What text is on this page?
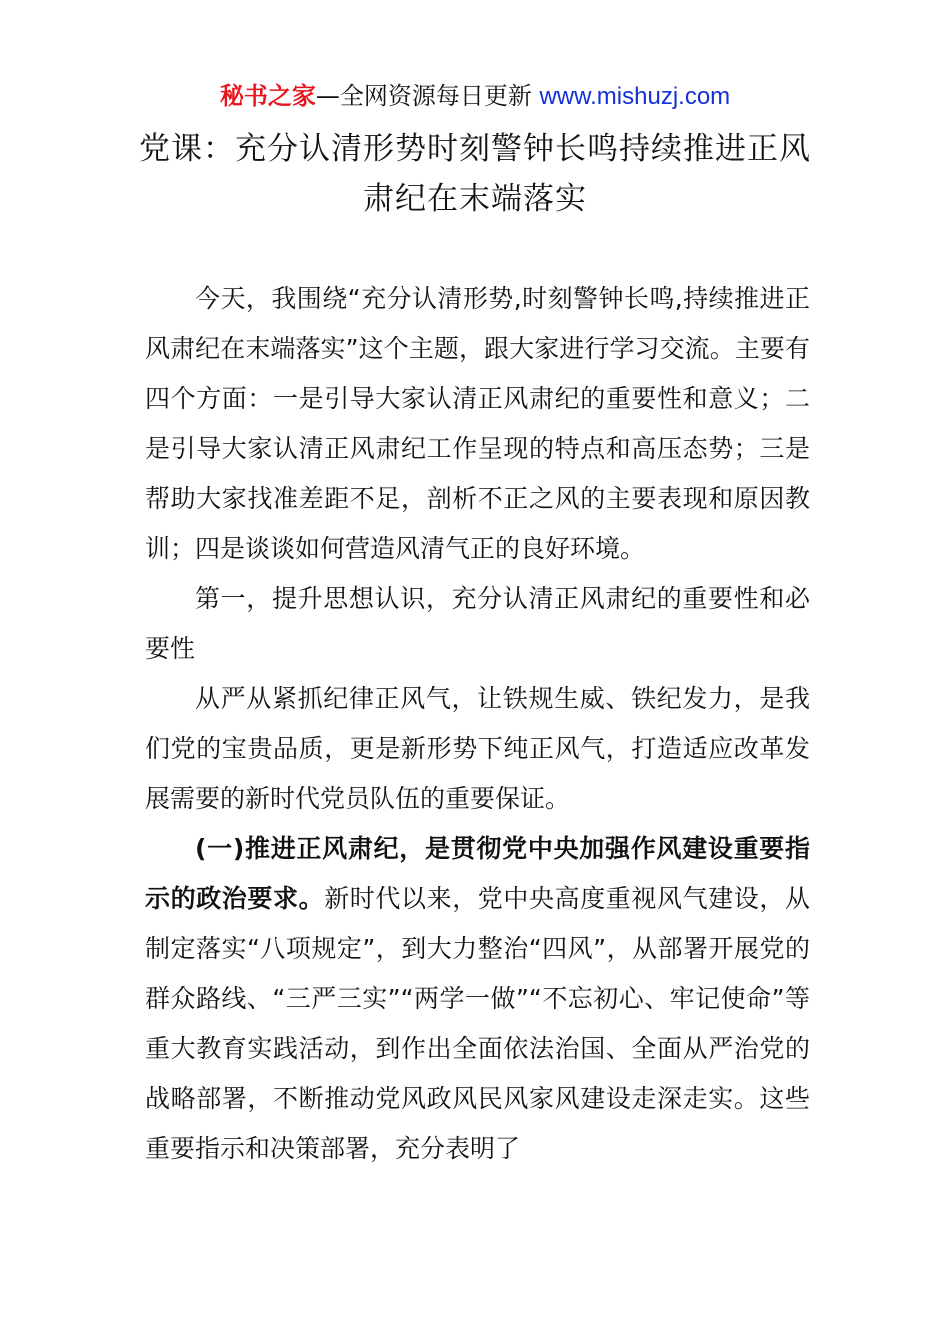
秘书之家—全网资源每日更新 www.mishuzj.com
党课：充分认清形势时刻警钟长鸣持续推进正风肃纪在末端落实

今天，我围绕“充分认清形势,时刻警钟长鸣,持续推进正风肃纪在末端落实”这个主题，跟大家进行学习交流。主要有四个方面：一是引导大家认清正风肃纪的重要性和意义；二是引导大家认清正风肃纪工作呈现的特点和高压态势；三是帮助大家找准差距不足，剖析不正之风的主要表现和原因教训；四是谈谈如何营造风清气正的良好环境。

第一，提升思想认识，充分认清正风肃纪的重要性和必要性

从严从紧抓纪律正风气，让铁规生威、铁纪发力，是我们党的宝贵品质，更是新形势下纯正风气，打造适应改革发展需要的新时代党员队伍的重要保证。

(一)推进正风肃纪，是贯彻党中央加强作风建设重要指示的政治要求。新时代以来，党中央高度重视风气建设，从制定落实“八项规定”，到大力整治“四风”，从部署开展党的群众路线、“三严三实”“两学一做”“不忘初心、牢记使命”等重大教育实践活动，到作出全面依法治国、全面从严治党的战略部署，不断推动党风政风民风家风建设走深走实。这些重要指示和决策部署，充分表明了
